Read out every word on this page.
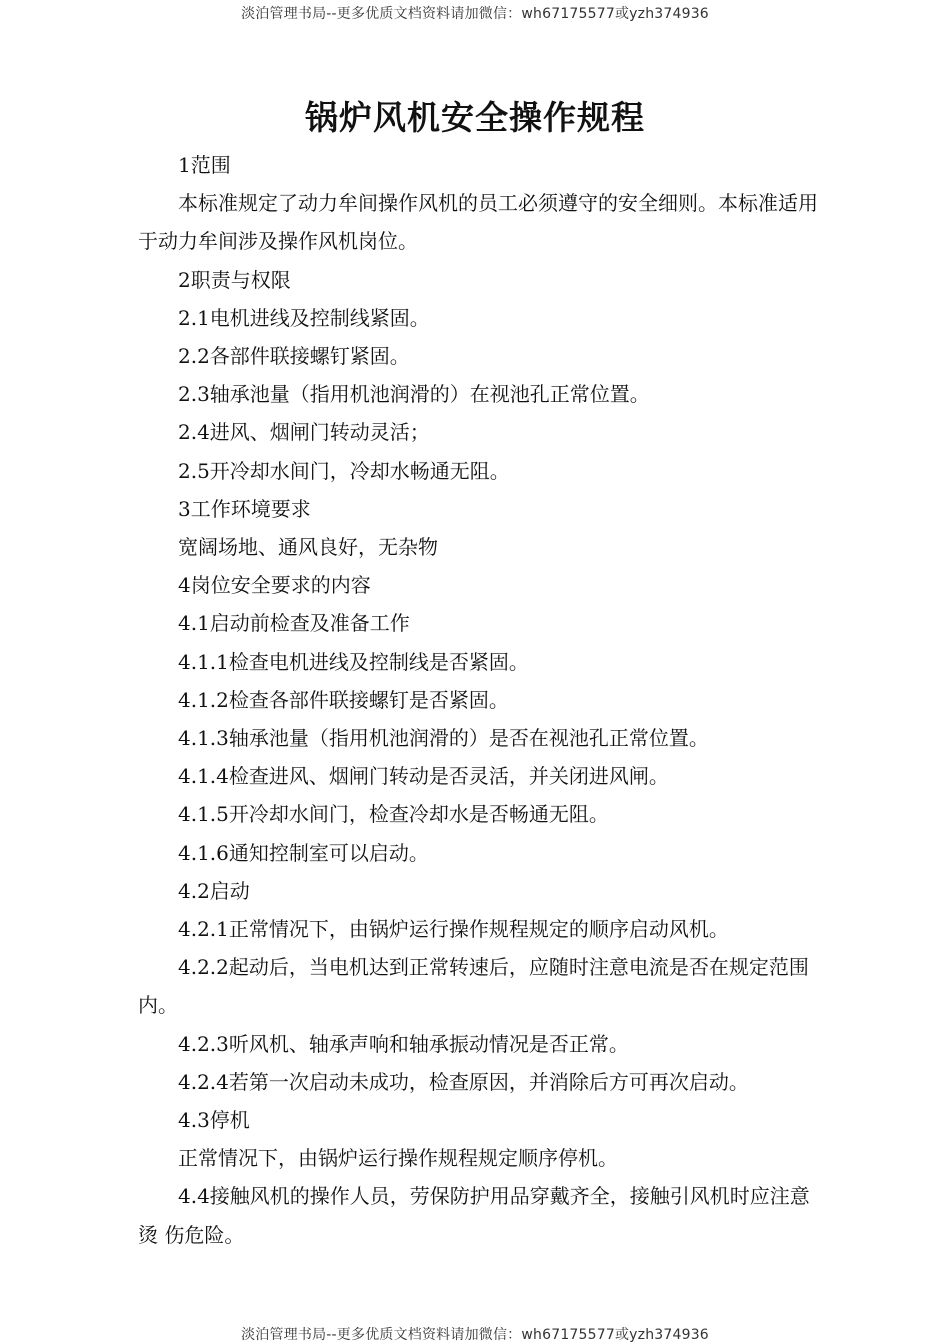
淡泊管理书局--更多优质文档资料请加微信：wh67175577或yzh374936
锅炉风机安全操作规程

1范围

本标准规定了动力牟间操作风机的员工必须遵守的安全细则。本标准适用 于动力牟间涉及操作风机岗位。

2职责与权限

2.1电机进线及控制线紧固。

2.2各部件联接螺钉紧固。

2.3轴承池量（指用机池润滑的）在视池孔正常位置。

2.4进风、烟闸门转动灵活；

2.5开冷却水间门，冷却水畅通无阻。

3工作环境要求

宽阔场地、通风良好，无杂物

4岗位安全要求的内容

4.1启动前检查及准备工作

4.1.1检查电机进线及控制线是否紧固。

4.1.2检查各部件联接螺钉是否紧固。

4.1.3轴承池量（指用机池润滑的）是否在视池孔正常位置。

4.1.4检查进风、烟闸门转动是否灵活，并关闭进风闸。

4.1.5开冷却水间门，检查冷却水是否畅通无阻。

4.1.6通知控制室可以启动。

4.2启动

4.2.1正常情况下，由锅炉运行操作规程规定的顺序启动风机。

4.2.2起动后，当电机达到正常转速后，应随时注意电流是否在规定范围内。

4.2.3听风机、轴承声响和轴承振动情况是否正常。

4.2.4若第一次启动未成功，检查原因，并消除后方可再次启动。

4.3停机

正常情况下，由锅炉运行操作规程规定顺序停机。

4.4接触风机的操作人员，劳保防护用品穿戴齐全，接触引风机时应注意烫 伤危险。

淡泊管理书局--更多优质文档资料请加微信：wh67175577或yzh374936
